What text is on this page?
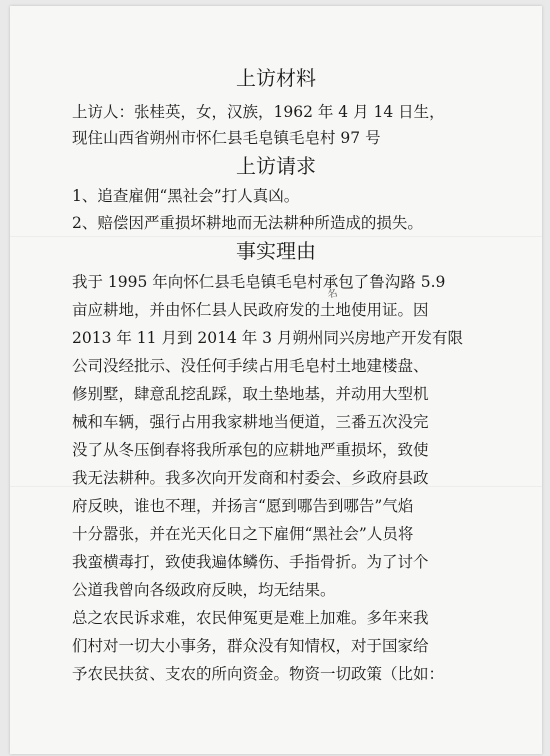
上访材料
上访人：张桂英，女，汉族，1962 年 4 月 14 日生，
现住山西省朔州市怀仁县毛皂镇毛皂村 97 号
上访请求
1、追查雇佣“黑社会”打人真凶。
2、赔偿因严重损坏耕地而无法耕种所造成的损失。
事实理由
我于 1995 年向怀仁县毛皂镇毛皂村承包了鲁沟路 5.9
亩应耕地，并由怀仁县人民政府发的土地使用证。因
2013 年 11 月到 2014 年 3 月朔州同兴房地产开发有限
公司没经批示、没任何手续占用毛皂村土地建楼盘、
修别墅，肆意乱挖乱踩，取土垫地基，并动用大型机
械和车辆，强行占用我家耕地当便道，三番五次没完
没了从冬压倒春将我所承包的应耕地严重损坏，致使
我无法耕种。我多次向开发商和村委会、乡政府县政
府反映，谁也不理，并扬言“愿到哪告到哪告”气焰
十分嚣张，并在光天化日之下雇佣“黑社会”人员将
我蛮横毒打，致使我遍体鳞伤、手指骨折。为了讨个
公道我曾向各级政府反映，均无结果。
总之农民诉求难，农民伸冤更是难上加难。多年来我
们村对一切大小事务，群众没有知情权，对于国家给
予农民扶贫、支农的所向资金。物资一切政策（比如：
名
